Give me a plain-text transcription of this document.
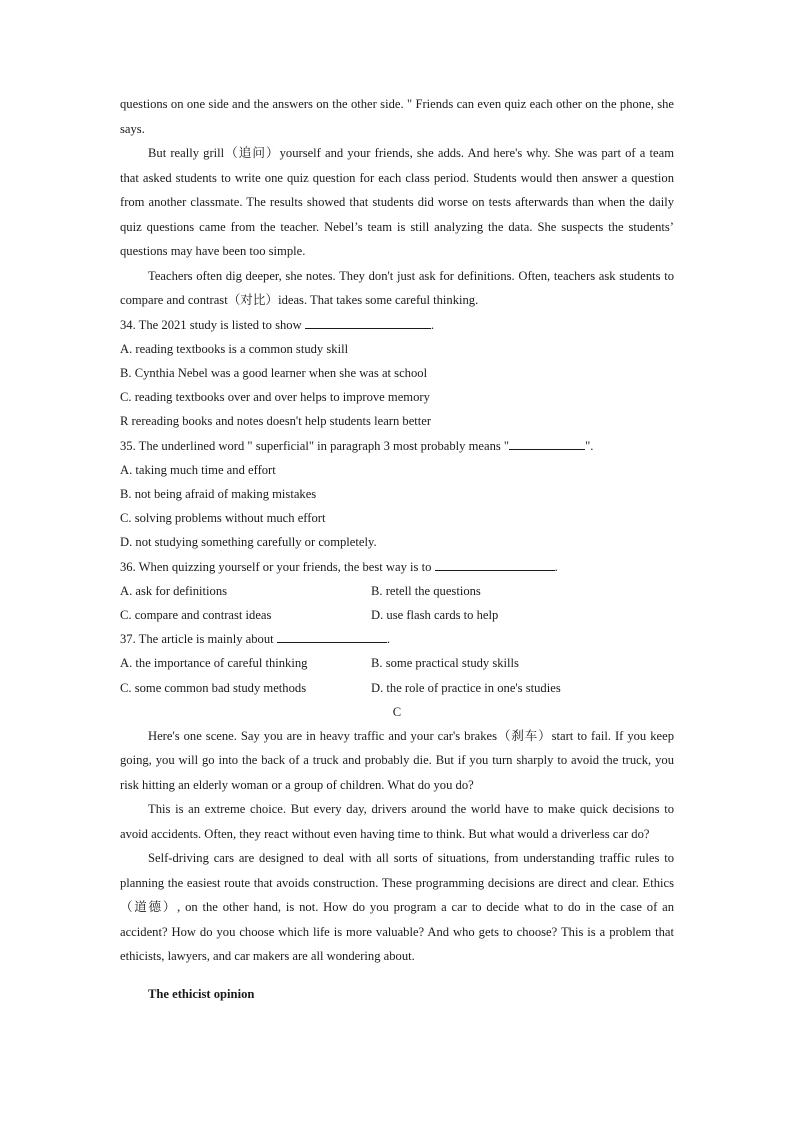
questions on one side and the answers on the other side. " Friends can even quiz each other on the phone, she says.

But really grill（追问）yourself and your friends, she adds. And here's why. She was part of a team that asked students to write one quiz question for each class period. Students would then answer a question from another classmate. The results showed that students did worse on tests afterwards than when the daily quiz questions came from the teacher. Nebel’s team is still analyzing the data. She suspects the students’ questions may have been too simple.

Teachers often dig deeper, she notes. They don't just ask for definitions. Often, teachers ask students to compare and contrast（对比）ideas. That takes some careful thinking.

34. The 2021 study is listed to show	.

A. reading textbooks is a common study skill

B. Cynthia Nebel was a good learner when she was at school

C. reading textbooks over and over helps to improve memory

R rereading books and notes doesn't help students learn better

35. The underlined word " superficial" in paragraph 3 most probably means "	".

A. taking much time and effort

B. not being afraid of making mistakes

C. solving problems without much effort

D. not studying something carefully or completely.

36. When quizzing yourself or your friends, the best way is to	.

A. ask for definitions	B. retell the questions
C. compare and contrast ideas	D. use flash cards to help

37. The article is mainly about	.

A. the importance of careful thinking	B. some practical study skills
C. some common bad study methods	D. the role of practice in one's studies
C

Here's one scene. Say you are in heavy traffic and your car's brakes（刹车）start to fail. If you keep going, you will go into the back of a truck and probably die. But if you turn sharply to avoid the truck, you risk hitting an elderly woman or a group of children. What do you do?

This is an extreme choice. But every day, drivers around the world have to make quick decisions to avoid accidents. Often, they react without even having time to think. But what would a driverless car do?

Self-driving cars are designed to deal with all sorts of situations, from understanding traffic rules to planning the easiest route that avoids construction. These programming decisions are direct and clear. Ethics（道德）, on the other hand, is not. How do you program a car to decide what to do in the case of an accident? How do you choose which life is more valuable? And who gets to choose? This is a problem that ethicists, lawyers, and car makers are all wondering about.

The ethicist opinion
